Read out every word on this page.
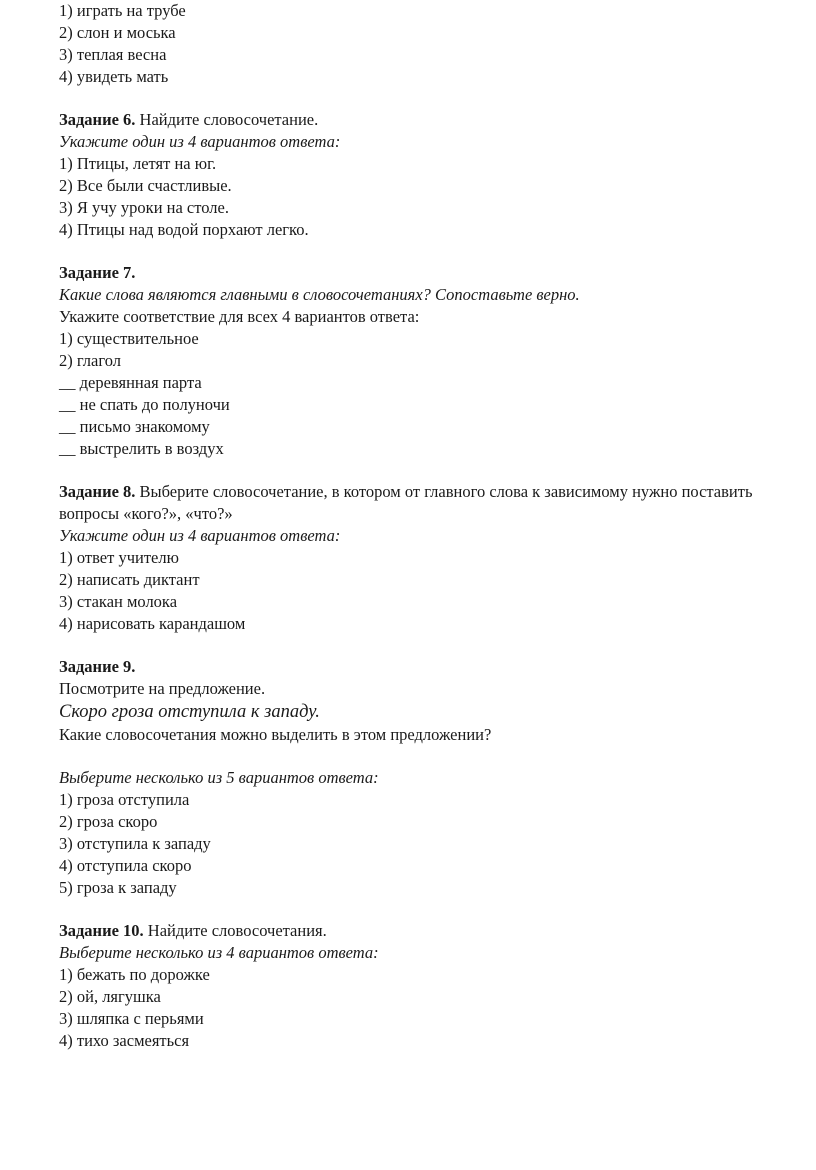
1) играть на трубе
2) слон и моська
3) теплая весна
4) увидеть мать
Задание 6. Найдите словосочетание.
Укажите один из 4 вариантов ответа:
1) Птицы, летят на юг.
2) Все были счастливые.
3) Я учу уроки на столе.
4) Птицы над водой порхают легко.
Задание 7.
Какие слова являются главными в словосочетаниях? Сопоставьте верно.
Укажите соответствие для всех 4 вариантов ответа:
1) существительное
2) глагол
__ деревянная парта
__ не спать до полуночи
__ письмо знакомому
__ выстрелить в воздух
Задание 8. Выберите словосочетание, в котором от главного слова к зависимому нужно поставить вопросы «кого?», «что?»
Укажите один из 4 вариантов ответа:
1) ответ учителю
2) написать диктант
3) стакан молока
4) нарисовать карандашом
Задание 9.
Посмотрите на предложение.
Скоро гроза отступила к западу.
Какие словосочетания можно выделить в этом предложении?
Выберите несколько из 5 вариантов ответа:
1) гроза отступила
2) гроза скоро
3) отступила к западу
4) отступила скоро
5) гроза к западу
Задание 10. Найдите словосочетания.
Выберите несколько из 4 вариантов ответа:
1) бежать по дорожке
2) ой, лягушка
3) шляпка с перьями
4) тихо засмеяться
